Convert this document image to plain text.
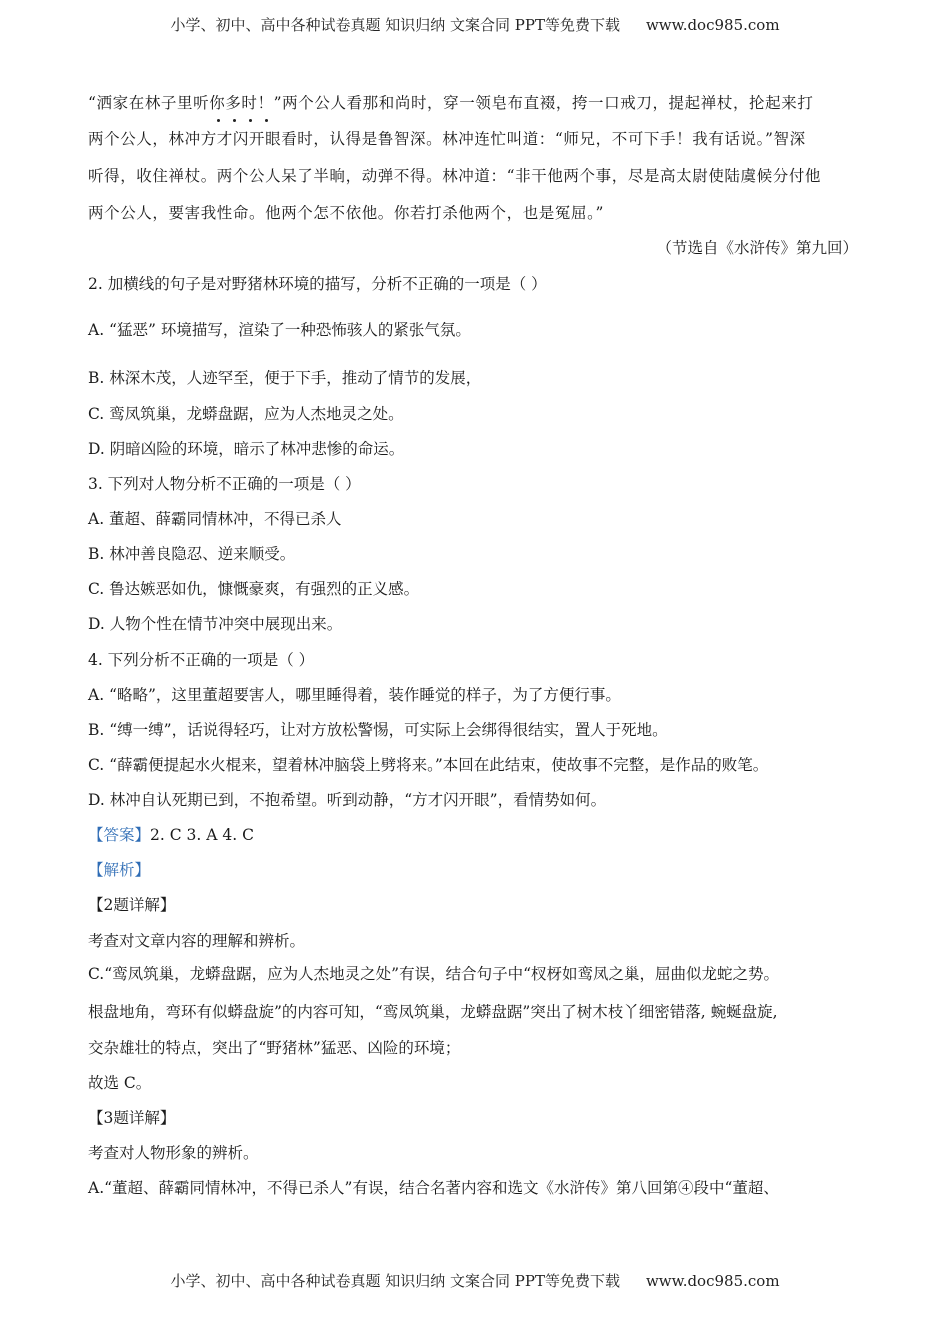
小学、初中、高中各种试卷真题 知识归纳 文案合同 PPT等免费下载 www.doc985.com
“洒家在林子里听你多时！”两个公人看那和尚时，穿一领皂布直裰，挎一口戒刀，提起禅杖，抡起来打
两个公人，林冲方才闪开眼看时，认得是鲁智深。林冲连忙叫道：“师兄，不可下手！我有话说。”智深
听得，收住禅杖。两个公人呆了半晌，动弹不得。林冲道：“非干他两个事，尽是高太尉使陆虞候分付他
两个公人，要害我性命。他两个怎不依他。你若打杀他两个，也是冤屈。”
（节选自《水浒传》第九回）
2. 加横线的句子是对野猪林环境的描写，分析不正确的一项是（ ）
A. “猛恶” 环境描写，渲染了一种恐怖骇人的紧张气氛。
B. 林深木茂，人迹罕至，便于下手，推动了情节的发展，
C. 鸾凤筑巢，龙蟒盘踞，应为人杰地灵之处。
D. 阴暗凶险的环境，暗示了林冲悲惨的命运。
3. 下列对人物分析不正确的一项是（ ）
A. 董超、薛霸同情林冲，不得已杀人
B. 林冲善良隐忍、逆来顺受。
C. 鲁达嫉恶如仇，慷慨豪爽，有强烈的正义感。
D. 人物个性在情节冲突中展现出来。
4. 下列分析不正确的一项是（ ）
A. “略略”，这里董超要害人，哪里睡得着，装作睡觉的样子，为了方便行事。
B. “缚一缚”，话说得轻巧，让对方放松警惕，可实际上会绑得很结实，置人于死地。
C. “薛霸便提起水火棍来，望着林冲脑袋上劈将来。”本回在此结束，使故事不完整，是作品的败笔。
D. 林冲自认死期已到，不抱希望。听到动静，“方才闪开眼”，看情势如何。
【答案】2. C 3. A 4. C
【解析】
【2题详解】
考查对文章内容的理解和辨析。
C.“鸾凤筑巢，龙蟒盘踞，应为人杰地灵之处”有误，结合句子中“杈枒如鸾凤之巢，屈曲似龙蛇之势。
根盘地角，弯环有似蟒盘旋”的内容可知，“鸾凤筑巢，龙蟒盘踞”突出了树木枝丫细密错落, 蜿蜒盘旋,
交杂雄壮的特点，突出了“野猪林”猛恶、凶险的环境；
故选 C。
【3题详解】
考查对人物形象的辨析。
A.“董超、薛霸同情林冲，不得已杀人”有误，结合名著内容和选文《水浒传》第八回第④段中“董超、
小学、初中、高中各种试卷真题 知识归纳 文案合同 PPT等免费下载 www.doc985.com
